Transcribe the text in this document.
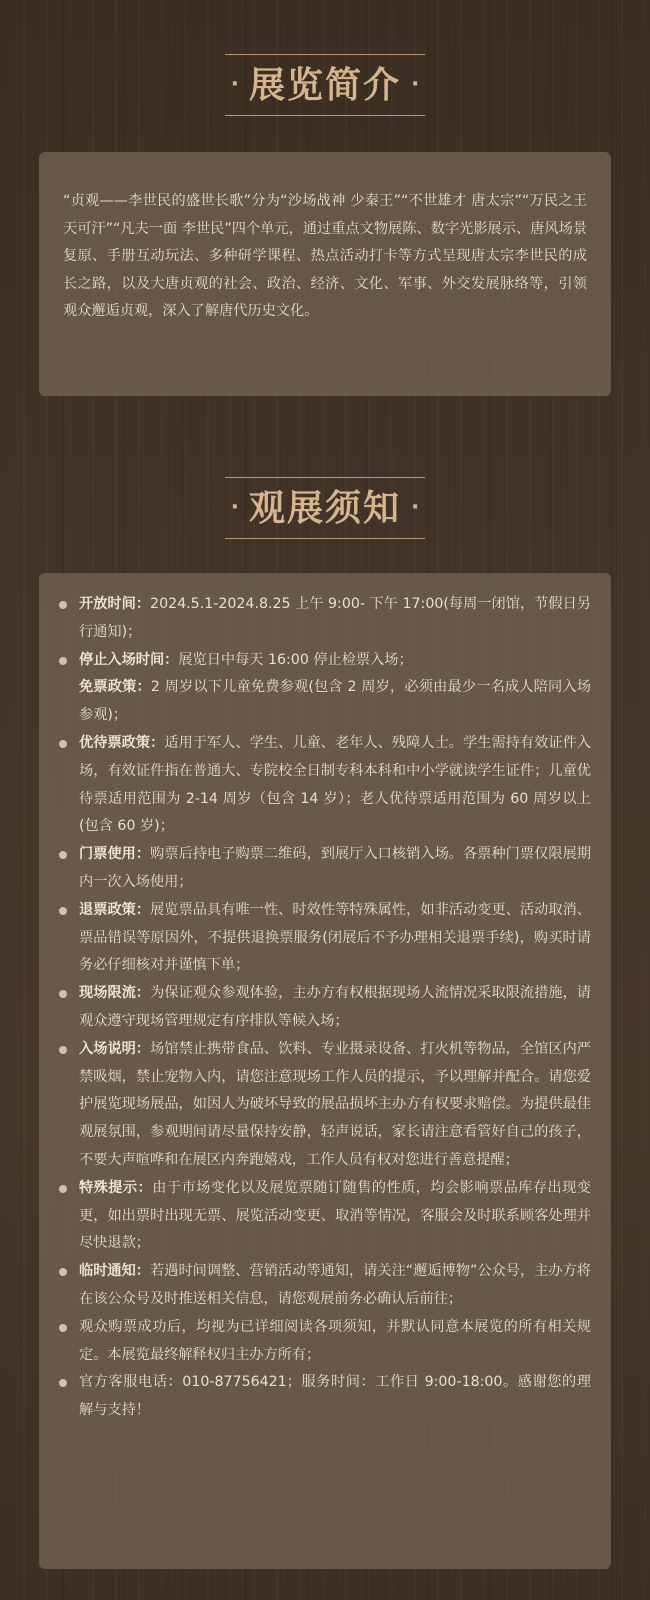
· 展览简介 ·
“贞观——李世民的盛世长歌”分为“沙场战神 少秦王”“不世雄才 唐太宗”“万民之王 天可汗”“凡夫一面 李世民”四个单元，通过重点文物展陈、数字光影展示、唐风场景复原、手册互动玩法、多种研学课程、热点活动打卡等方式呈现唐太宗李世民的成长之路，以及大唐贞观的社会、政治、经济、文化、军事、外交发展脉络等，引领观众邂逅贞观，深入了解唐代历史文化。
· 观展须知 ·
开放时间：2024.5.1-2024.8.25 上午 9:00- 下午 17:00(每周一闭馆，节假日另行通知)；
停止入场时间：展览日中每天 16:00 停止检票入场；
免票政策：2 周岁以下儿童免费参观(包含 2 周岁，必须由最少一名成人陪同入场参观)；
优待票政策：适用于军人、学生、儿童、老年人、残障人士。学生需持有效证件入场，有效证件指在普通大、专院校全日制专科本科和中小学就读学生证件；儿童优待票适用范围为 2-14 周岁（包含 14 岁）；老人优待票适用范围为 60 周岁以上(包含 60 岁)；
门票使用：购票后持电子购票二维码，到展厅入口核销入场。各票种门票仅限展期内一次入场使用；
退票政策：展览票品具有唯一性、时效性等特殊属性，如非活动变更、活动取消、票品错误等原因外，不提供退换票服务(闭展后不予办理相关退票手续)，购买时请务必仔细核对并谨慎下单；
现场限流：为保证观众参观体验，主办方有权根据现场人流情况采取限流措施，请观众遵守现场管理规定有序排队等候入场；
入场说明：场馆禁止携带食品、饮料、专业摄录设备、打火机等物品，全馆区内严禁吸烟，禁止宠物入内，请您注意现场工作人员的提示，予以理解并配合。请您爱护展览现场展品，如因人为破坏导致的展品损坏主办方有权要求赔偿。为提供最佳观展氛围，参观期间请尽量保持安静，轻声说话，家长请注意看管好自己的孩子，不要大声喧哗和在展区内奔跑嬉戏，工作人员有权对您进行善意提醒；
特殊提示：由于市场变化以及展览票随订随售的性质，均会影响票品库存出现变更，如出票时出现无票、展览活动变更、取消等情况，客服会及时联系顾客处理并尽快退款；
临时通知：若遇时间调整、营销活动等通知，请关注“邂逅博物”公众号，主办方将在该公众号及时推送相关信息，请您观展前务必确认后前往；
观众购票成功后，均视为已详细阅读各项须知，并默认同意本展览的所有相关规定。本展览最终解释权归主办方所有；
官方客服电话：010-87756421；服务时间：工作日 9:00-18:00。感谢您的理解与支持！
